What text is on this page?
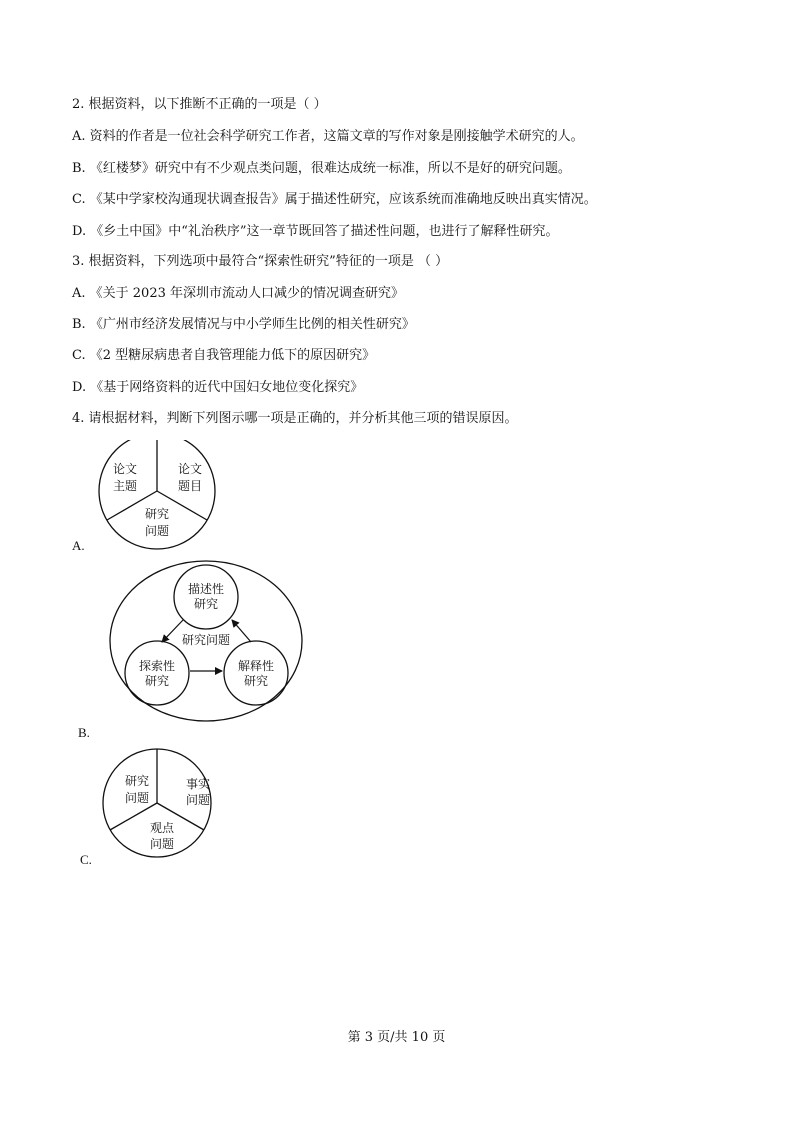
2. 根据资料，以下推断不正确的一项是（ ）
A. 资料的作者是一位社会科学研究工作者，这篇文章的写作对象是刚接触学术研究的人。
B. 《红楼梦》研究中有不少观点类问题，很难达成统一标准，所以不是好的研究问题。
C. 《某中学家校沟通现状调查报告》属于描述性研究，应该系统而准确地反映出真实情况。
D. 《乡土中国》中“礼治秩序”这一章节既回答了描述性问题，也进行了解释性研究。
3. 根据资料，下列选项中最符合“探索性研究”特征的一项是 （ ）
A. 《关于 2023 年深圳市流动人口减少的情况调查研究》
B. 《广州市经济发展情况与中小学师生比例的相关性研究》
C. 《2 型糖尿病患者自我管理能力低下的原因研究》
D. 《基于网络资料的近代中国妇女地位变化探究》
4. 请根据材料，判断下列图示哪一项是正确的，并分析其他三项的错误原因。
论文
主题
论文
题目
研究
问题
A.
描述性
研究
研究问题
探索性
研究
解释性
研究
B.
研究
问题
事实
问题
观点
问题
C.
第 3 页/共 10 页
